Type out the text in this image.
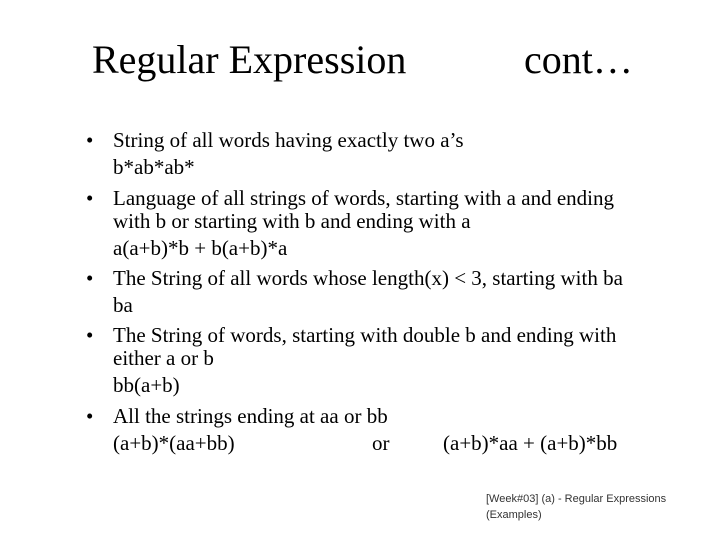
Regular Expression	cont…
• String of all words having exactly two a’s
b*ab*ab*
• Language of all strings of words, starting with a and ending
with b or starting with b and ending with a
a(a+b)*b + b(a+b)*a
• The String of all words whose length(x) < 3, starting with ba
ba
• The String of words, starting with double b and ending with
either a or b
bb(a+b)
• All the strings ending at aa or bb
(a+b)*(aa+bb)	or	(a+b)*aa + (a+b)*bb
[Week#03] (a) - Regular Expressions (Examples)
